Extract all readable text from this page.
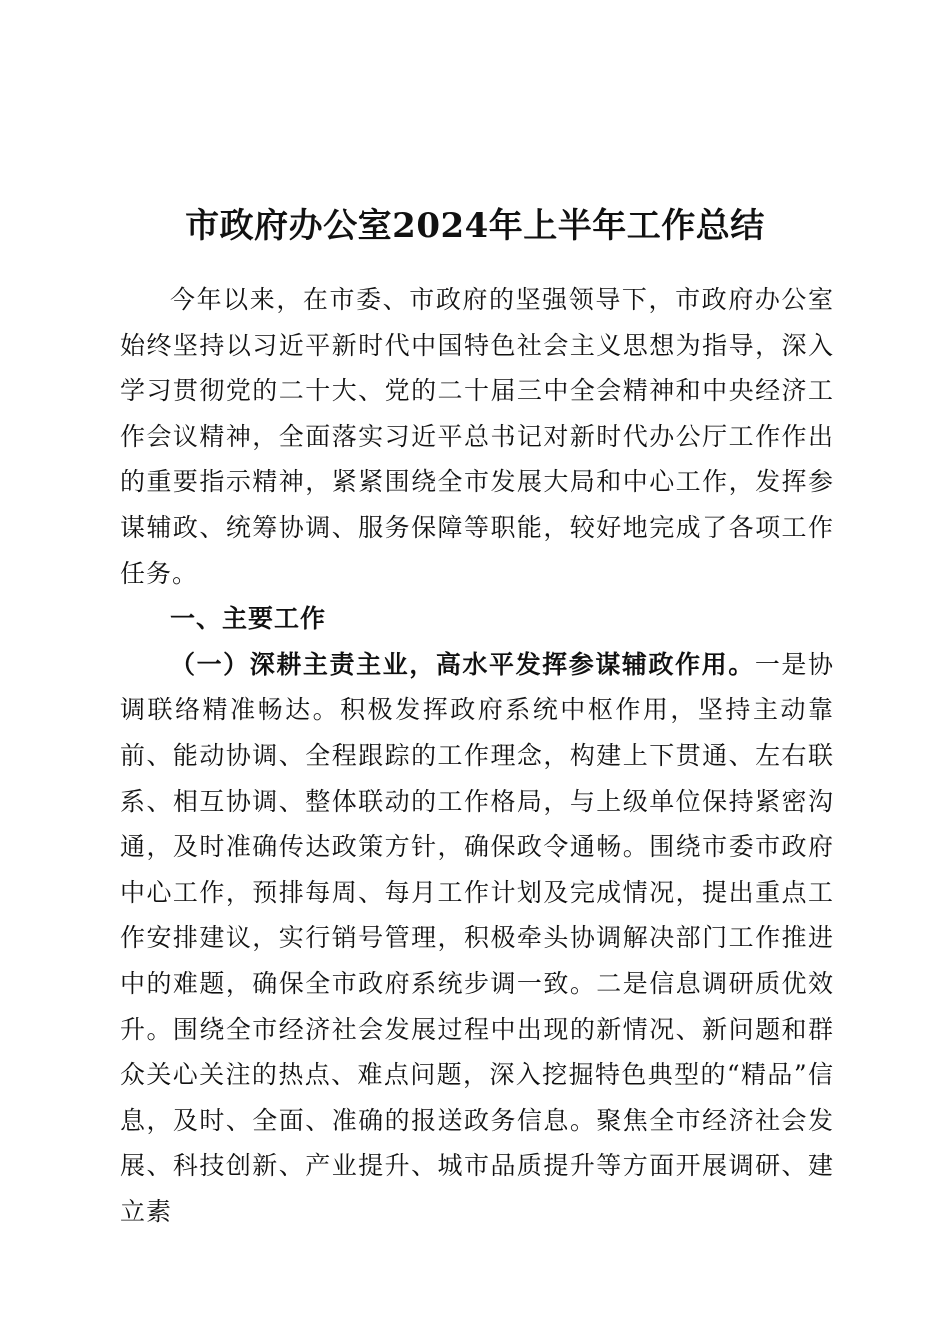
市政府办公室2024年上半年工作总结

今年以来，在市委、市政府的坚强领导下，市政府办公室始终坚持以习近平新时代中国特色社会主义思想为指导，深入学习贯彻党的二十大、党的二十届三中全会精神和中央经济工作会议精神，全面落实习近平总书记对新时代办公厅工作作出的重要指示精神，紧紧围绕全市发展大局和中心工作，发挥参谋辅政、统筹协调、服务保障等职能，较好地完成了各项工作任务。

一、主要工作

（一）深耕主责主业，高水平发挥参谋辅政作用。一是协调联络精准畅达。积极发挥政府系统中枢作用，坚持主动靠前、能动协调、全程跟踪的工作理念，构建上下贯通、左右联系、相互协调、整体联动的工作格局，与上级单位保持紧密沟通，及时准确传达政策方针，确保政令通畅。围绕市委市政府中心工作，预排每周、每月工作计划及完成情况，提出重点工作安排建议，实行销号管理，积极牵头协调解决部门工作推进中的难题，确保全市政府系统步调一致。二是信息调研质优效升。围绕全市经济社会发展过程中出现的新情况、新问题和群众关心关注的热点、难点问题，深入挖掘特色典型的“精品”信息，及时、全面、准确的报送政务信息。聚焦全市经济社会发展、科技创新、产业提升、城市品质提升等方面开展调研、建立素
